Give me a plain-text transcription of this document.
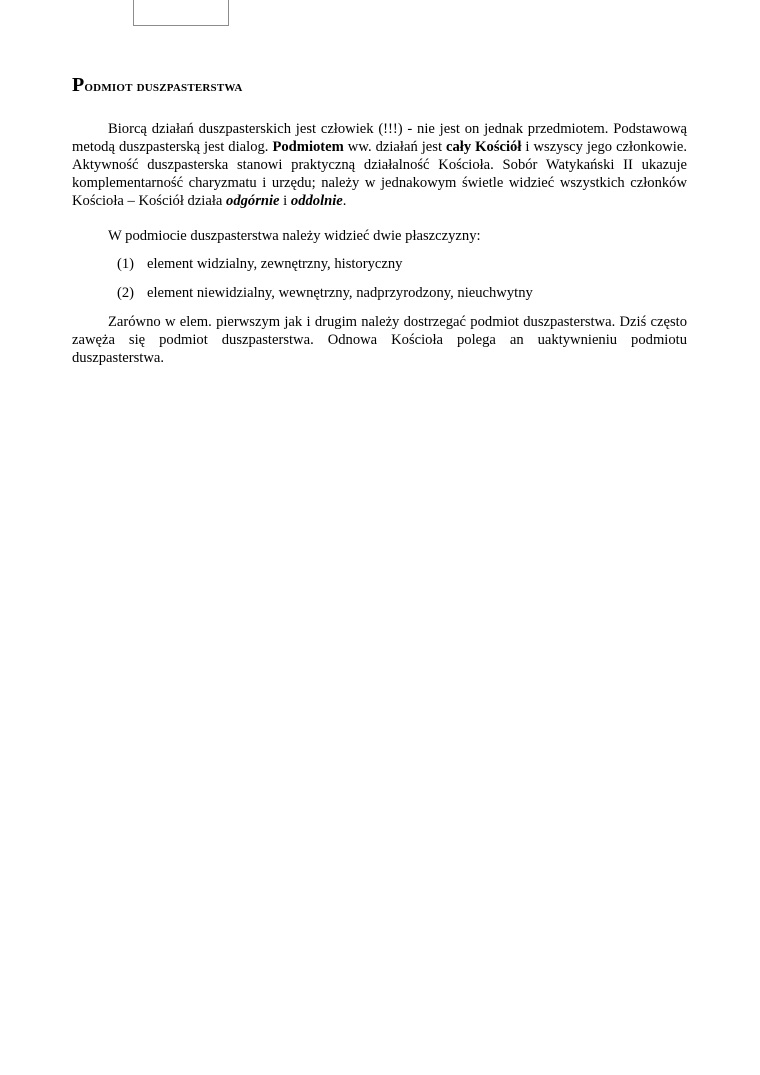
Podmiot duszpasterstwa

Biorcą działań duszpasterskich jest człowiek (!!!) - nie jest on jednak przedmiotem. Podstawową metodą duszpasterską jest dialog. Podmiotem ww. działań jest cały Kościół i wszyscy jego członkowie. Aktywność duszpasterska stanowi praktyczną działalność Kościoła. Sobór Watykański II ukazuje komplementarność charyzmatu i urzędu; należy w jednakowym świetle widzieć wszystkich członków Kościoła – Kościół działa odgórnie i oddolnie.

W podmiocie duszpasterstwa należy widzieć dwie płaszczyzny:

(1) element widzialny, zewnętrzny, historyczny
(2) element niewidzialny, wewnętrzny, nadprzyrodzony, nieuchwytny

Zarówno w elem. pierwszym jak i drugim należy dostrzegać podmiot duszpasterstwa. Dziś często zawęża się podmiot duszpasterstwa. Odnowa Kościoła polega an uaktywnieniu podmiotu duszpasterstwa.
